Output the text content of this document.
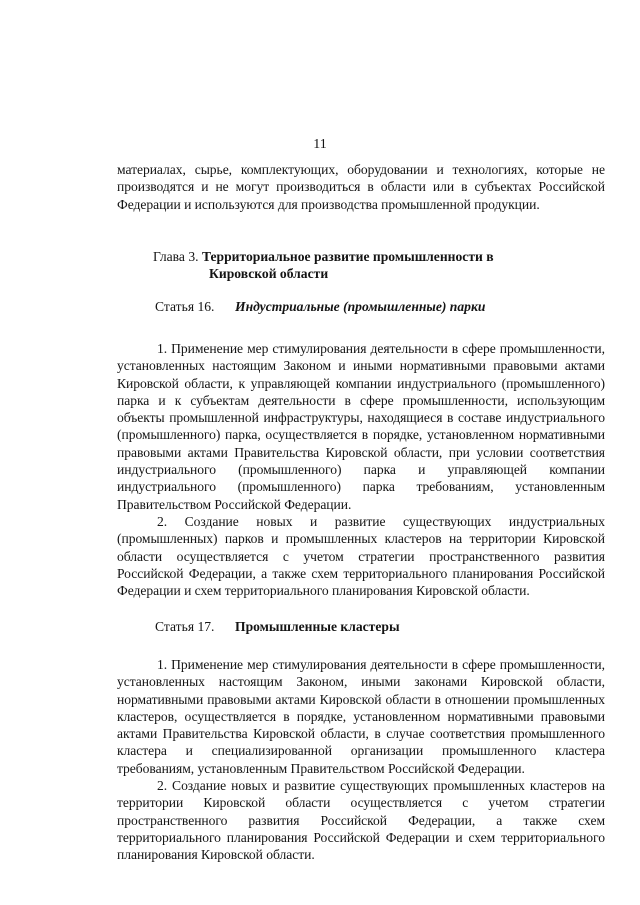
11

материалах, сырье, комплектующих, оборудовании и технологиях, которые не производятся и не могут производиться в области или в субъектах Российской Федерации и используются для производства промышленной продукции.

Глава 3. Территориальное развитие промышленности в
Кировской области
Статья 16. Индустриальные (промышленные) парки

1. Применение мер стимулирования деятельности в сфере промышленности, установленных настоящим Законом и иными нормативными правовыми актами Кировской области, к управляющей компании индустриального (промышленного) парка и к субъектам деятельности в сфере промышленности, использующим объекты промышленной инфраструктуры, находящиеся в составе индустриального (промышленного) парка, осуществляется в порядке, установленном нормативными правовыми актами Правительства Кировской области, при условии соответствия индустриального (промышленного) парка и управляющей компании индустриального (промышленного) парка требованиям, установленным Правительством Российской Федерации.

2. Создание новых и развитие существующих индустриальных (промышленных) парков и промышленных кластеров на территории Кировской области осуществляется с учетом стратегии пространственного развития Российской Федерации, а также схем территориального планирования Российской Федерации и схем территориального планирования Кировской области.

Статья 17. Промышленные кластеры

1. Применение мер стимулирования деятельности в сфере промышленности, установленных настоящим Законом, иными законами Кировской области, нормативными правовыми актами Кировской области в отношении промышленных кластеров, осуществляется в порядке, установленном нормативными правовыми актами Правительства Кировской области, в случае соответствия промышленного кластера и специализированной организации промышленного кластера требованиям, установленным Правительством Российской Федерации.

2. Создание новых и развитие существующих промышленных кластеров на территории Кировской области осуществляется с учетом стратегии пространственного развития Российской Федерации, а также схем территориального планирования Российской Федерации и схем территориального планирования Кировской области.
